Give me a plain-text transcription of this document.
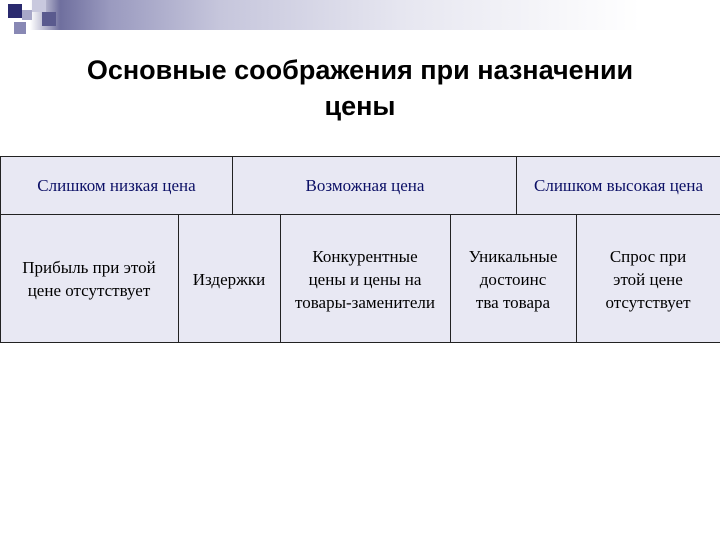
Основные соображения при назначении цены
Слишком низкая цена	Возможная цена	Слишком высокая цена
Прибыль при этой цене отсутствует
Издержки
Конкурентные цены и цены на товары-заменители
Уникальные достоинс тва товара
Спрос при этой цене отсутствует
